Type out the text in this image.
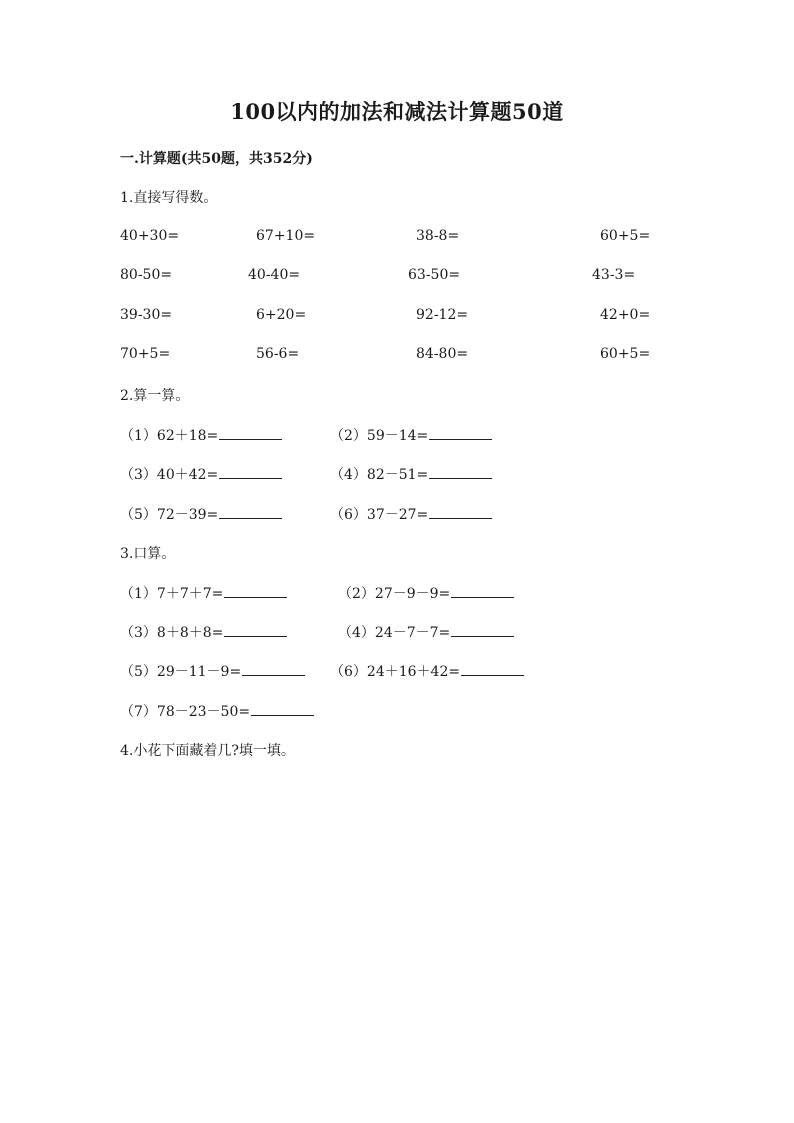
100以内的加法和减法计算题50道
一.计算题(共50题，共352分)
1.直接写得数。
40+30=	67+10=	38-8=	60+5=
80-50=	40-40=	63-50=	43-3=
39-30=	6+20=	92-12=	42+0=
70+5=	56-6=	84-80=	60+5=
2.算一算。
（1）62＋18=	（2）59－14=
（3）40＋42=	（4）82－51=
（5）72－39=	（6）37－27=
3.口算。
（1）7＋7＋7=	（2）27－9－9=
（3）8＋8＋8=	（4）24－7－7=
（5）29－11－9=	（6）24＋16＋42=
（7）78－23－50=
4.小花下面藏着几?填一填。
